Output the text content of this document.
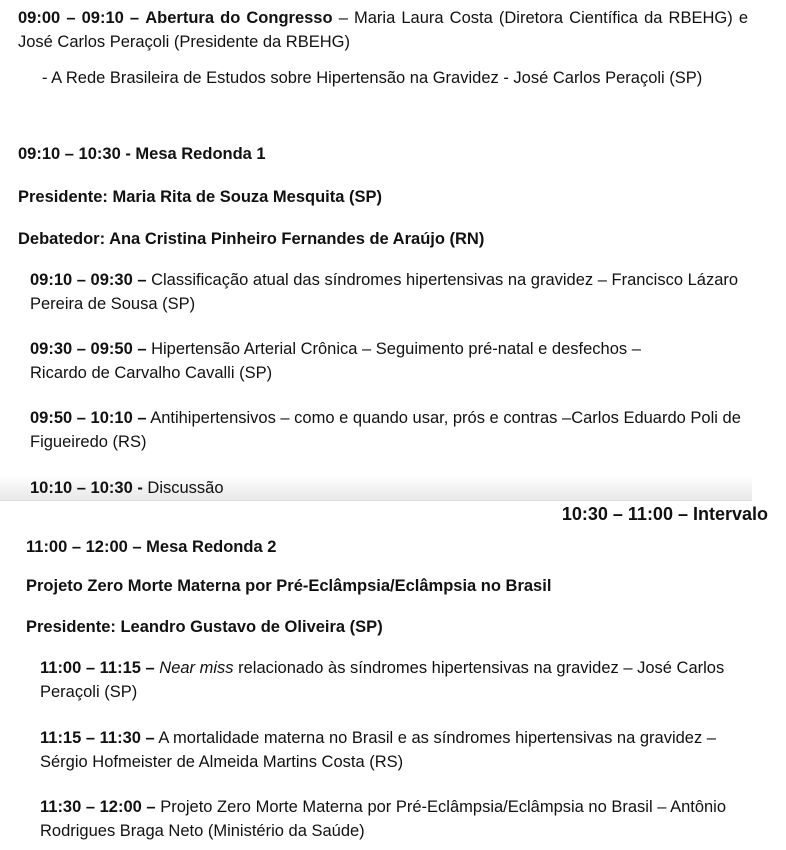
09:00 – 09:10 – Abertura do Congresso – Maria Laura Costa (Diretora Científica da RBEHG) e José Carlos Peraçoli (Presidente da RBEHG)
- A Rede Brasileira de Estudos sobre Hipertensão na Gravidez - José Carlos Peraçoli (SP)
09:10 – 10:30 - Mesa Redonda 1
Presidente: Maria Rita de Souza Mesquita (SP)
Debatedor: Ana Cristina Pinheiro Fernandes de Araújo (RN)
09:10 – 09:30 – Classificação atual das síndromes hipertensivas na gravidez – Francisco Lázaro Pereira de Sousa (SP)
09:30 – 09:50 – Hipertensão Arterial Crônica – Seguimento pré-natal e desfechos – Ricardo de Carvalho Cavalli (SP)
09:50 – 10:10 – Antihipertensivos – como e quando usar, prós e contras –Carlos Eduardo Poli de Figueiredo (RS)
10:10 – 10:30 - Discussão
10:30 – 11:00 – Intervalo
11:00 – 12:00 – Mesa Redonda 2
Projeto Zero Morte Materna por Pré-Eclâmpsia/Eclâmpsia no Brasil
Presidente: Leandro Gustavo de Oliveira (SP)
11:00 – 11:15 – Near miss relacionado às síndromes hipertensivas na gravidez – José Carlos Peraçoli (SP)
11:15 – 11:30 – A mortalidade materna no Brasil e as síndromes hipertensivas na gravidez – Sérgio Hofmeister de Almeida Martins Costa (RS)
11:30 – 12:00 – Projeto Zero Morte Materna por Pré-Eclâmpsia/Eclâmpsia no Brasil – Antônio Rodrigues Braga Neto (Ministério da Saúde)
